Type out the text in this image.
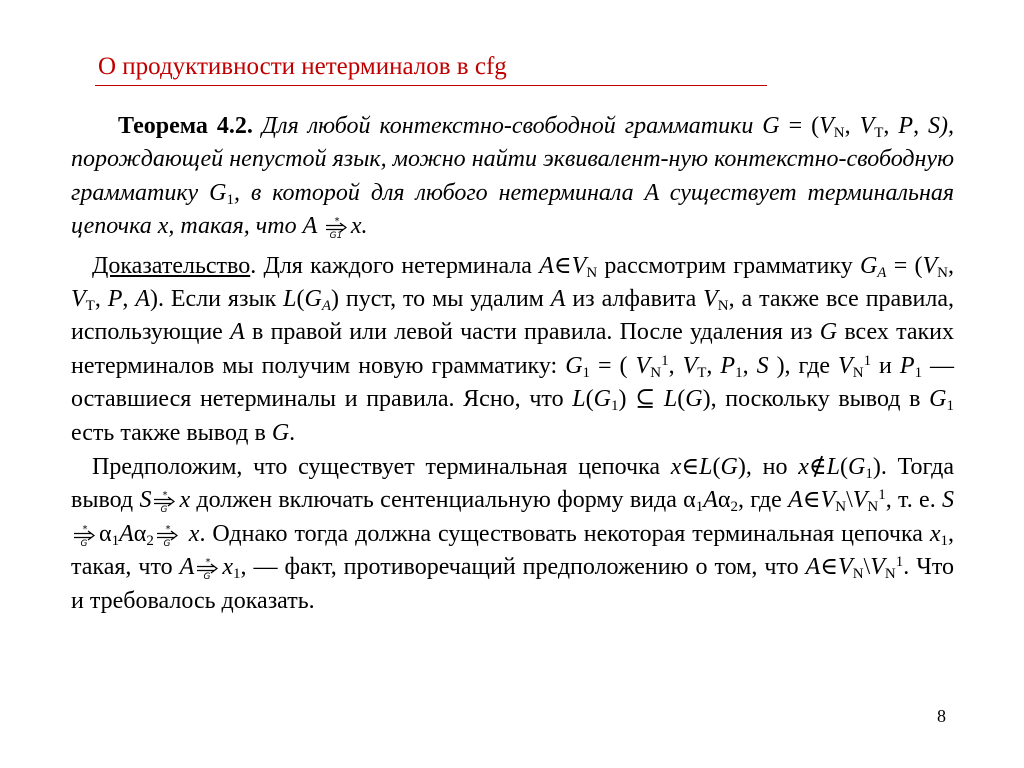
О продуктивности нетерминалов в cfg

Теорема 4.2. Для любой контекстно-свободной грамматики $G = (V_N$, $V_T$, P, S), порождающей непустой язык, можно найти эквивалент-ную контекстно-свободную грамматику $G_1$, в которой для любого нетерминала A существует терминальная цепочка x, такая, что A *
G1 x.

Доказательство. Для каждого нетерминала $A\in V_N$ рассмотрим грамматику $G_A = (V_N$, $V_T$, P, A). Если язык $L(G_A)$ пуст, то мы удалим A из алфавита $V_N$, а также все правила, использующие A в правой или левой части правила. После удаления из G всех таких нетерминалов мы получим новую грамматику: $G_1$ = ( $V_N^1$, $V_T$, $P_1$, S ), где $V_N^1$ и $P_1$ — оставшиеся нетерминалы и правила. Ясно, что $L(G_1)$ ⊆ L(G), поскольку вывод в $G_1$ есть также вывод в G.

Предположим, что существует терминальная цепочка x∈L(G), но $x\notin L(G_1)$. Тогда вывод S *
G x должен включать сентенциальную форму вида $\alpha_1A\alpha_2$, где $A\in V_N\backslash V_N^1$, т. е. S
*
G $\alpha_1A\alpha_2$
*
G x. Однако тогда должна существовать некоторая терминальная цепочка $x_1$, такая, что A *
G $x_1$, — факт, противоречащий предположению о том, что $A\in V_N\backslash V_N^1$. Что и требовалось доказать.

8
